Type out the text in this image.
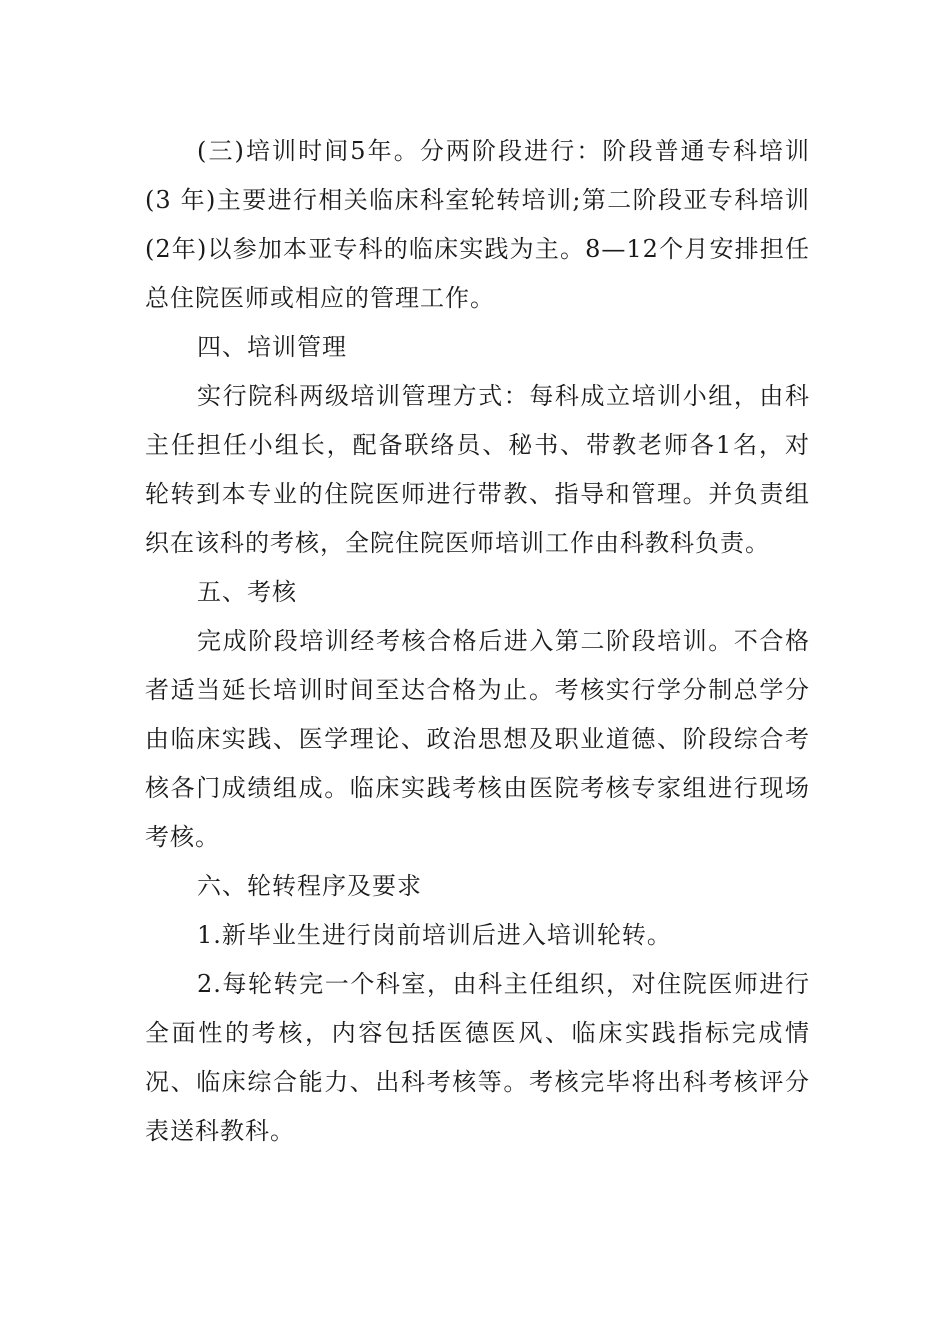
(三)培训时间5年。分两阶段进行：阶段普通专科培训(3 年)主要进行相关临床科室轮转培训;第二阶段亚专科培训(2年)以参加本亚专科的临床实践为主。8—12个月安排担任总住院医师或相应的管理工作。

四、培训管理

实行院科两级培训管理方式：每科成立培训小组，由科主任担任小组长，配备联络员、秘书、带教老师各1名，对轮转到本专业的住院医师进行带教、指导和管理。并负责组织在该科的考核，全院住院医师培训工作由科教科负责。

五、考核

完成阶段培训经考核合格后进入第二阶段培训。不合格者适当延长培训时间至达合格为止。考核实行学分制总学分由临床实践、医学理论、政治思想及职业道德、阶段综合考核各门成绩组成。临床实践考核由医院考核专家组进行现场考核。

六、轮转程序及要求

1.新毕业生进行岗前培训后进入培训轮转。

2.每轮转完一个科室，由科主任组织，对住院医师进行全面性的考核，内容包括医德医风、临床实践指标完成情况、临床综合能力、出科考核等。考核完毕将出科考核评分表送科教科。
